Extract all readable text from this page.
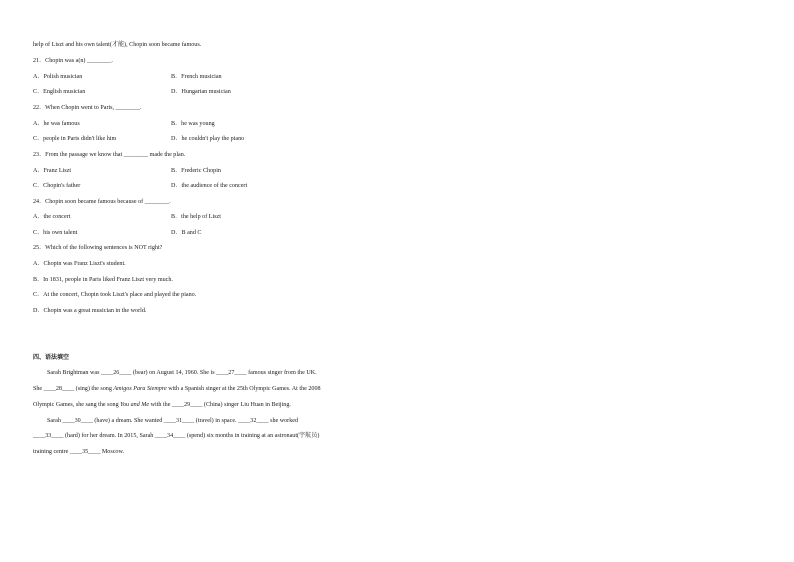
help of Liszt and his own talent(才能), Chopin soon became famous.
21．Chopin was a(n) ________.
A．Polish musician	B．French musician
C．English musician	D．Hungarian musician
22．When Chopin went to Paris, ________.
A．he was famous	B．he was young
C．people in Paris didn't like him	D．he couldn't play the piano
23．From the passage we know that ________ made the plan.
A．Franz Liszt	B．Frederic Chopin
C．Chopin's father	D．the audience of the concert
24．Chopin soon became famous because of ________.
A．the concert	B．the help of Liszt
C．his own talent	D．B and C
25．Which of the following sentences is NOT right?
A．Chopin was Franz Liszt's student.
B．In 1831, people in Paris liked Franz Liszt very much.
C．At the concert, Chopin took Liszt's place and played the piano.
D．Chopin was a great musician in the world.
四、语法填空
Sarah Brightman was ____26____ (bear) on August 14, 1960. She is ____27____ famous singer from the UK.
She ____28____ (sing) the song Amigos Para Siempre with a Spanish singer at the 25th Olympic Games. At the 2008
Olympic Games, she sang the song You and Me with the ____29____ (China) singer Liu Huan in Beijing.
Sarah ____30____ (have) a dream. She wanted ____31____ (travel) in space. ____32____ she worked
____33____ (hard) for her dream. In 2015, Sarah ____34____ (spend) six months in training at an astronaut(宇航员)
training centre ____35____ Moscow.
